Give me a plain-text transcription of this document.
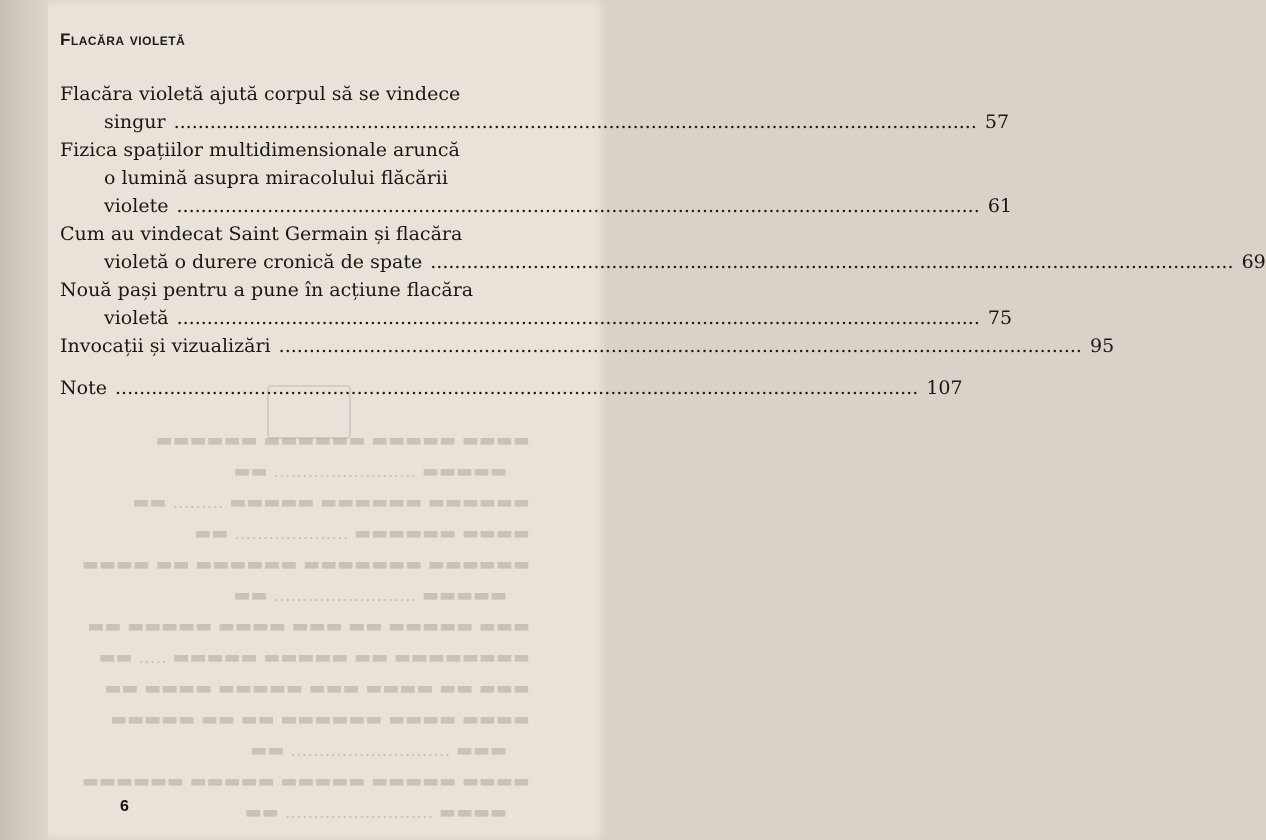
Flacăra violetă
Flacăra violetă ajută corpul să se vindece
singur .....	57
Fizica spațiilor multidimensionale aruncă
o lumină asupra miracolului flăcării
violete .....	61
Cum au vindecat Saint Germain și flacăra
violetă o durere cronică de spate .....	69
Nouă pași pentru a pune în acțiune flacăra
violetă .....	75
Invocații și vizualizări .....	95
Note .....	107
6
